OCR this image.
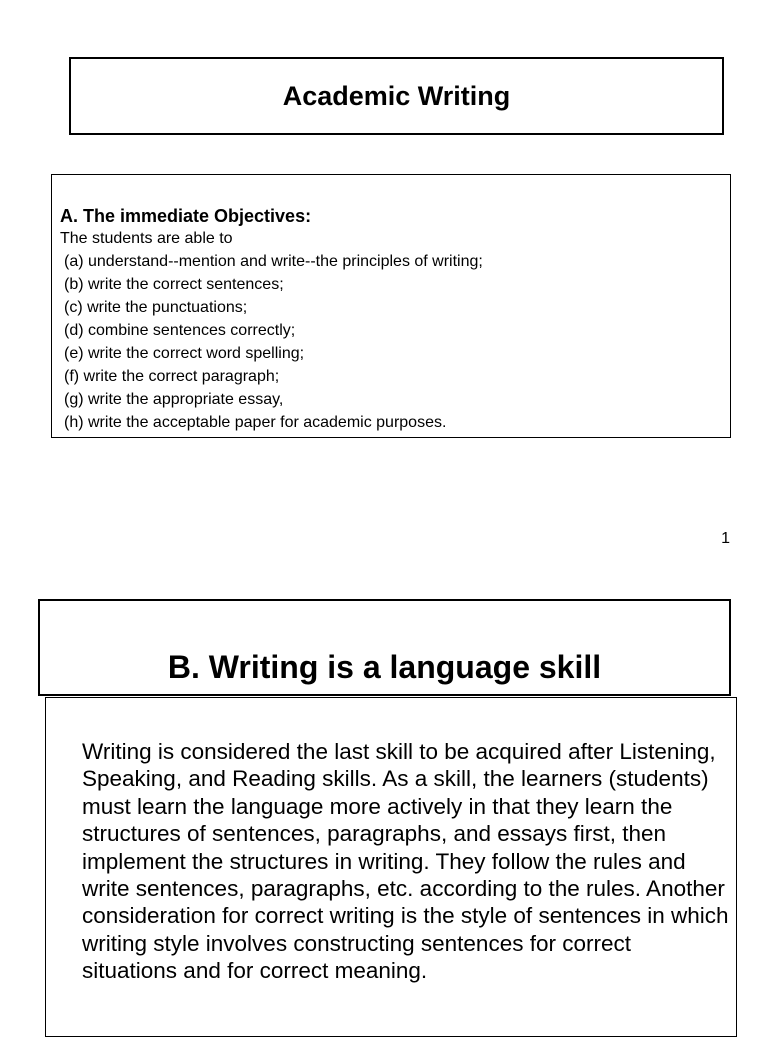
Academic Writing
A. The immediate Objectives:
The students are able to
(a) understand--mention and write--the principles of writing;
(b) write the correct sentences;
(c) write the punctuations;
(d) combine sentences correctly;
(e) write the correct word spelling;
(f) write the correct paragraph;
(g) write the appropriate essay,
(h) write the acceptable paper for academic purposes.
1
B. Writing is a language skill
Writing is considered the last skill to be acquired after Listening, Speaking, and Reading skills. As a skill, the learners (students) must learn the language more actively in that they learn the structures of sentences, paragraphs, and essays first, then implement the structures in writing. They follow the rules and write sentences, paragraphs, etc. according to the rules. Another consideration for correct writing is the style of sentences in which writing style involves constructing sentences for correct situations and for correct meaning.
